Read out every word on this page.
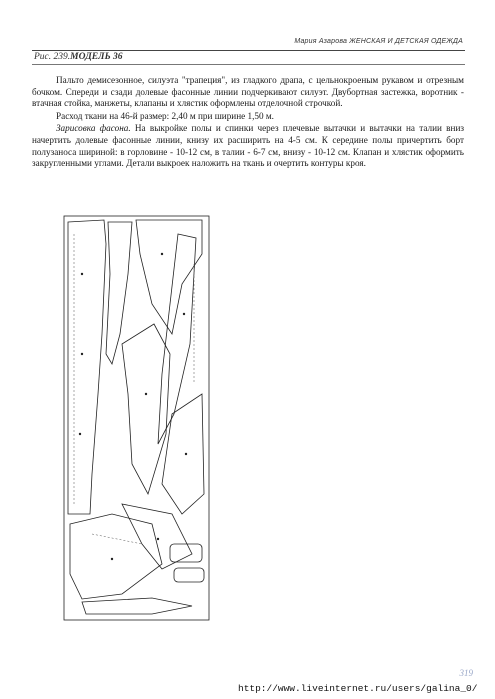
Мария Азарова ЖЕНСКАЯ И ДЕТСКАЯ ОДЕЖДА
Рис. 239.МОДЕЛЬ 36

Пальто демисезонное, силуэта "трапеция", из гладкого драпа, с цельнокроеным рукавом и отрезным бочком. Спереди и сзади долевые фасонные линии подчеркивают силуэт. Двубортная застежка, воротник - втачная стойка, манжеты, клапаны и хлястик оформлены отделочной строчкой.

Расход ткани на 46-й размер: 2,40 м при ширине 1,50 м.

Зарисовка фасона. На выкройке полы и спинки через плечевые вытачки и вытачки на талии вниз начертить долевые фасонные линии, книзу их расширить на 4-5 см. К середине полы причертить борт полузаноса шириной: в горловине - 10-12 см, в талии - 6-7 см, внизу - 10-12 см. Клапан и хлястик оформить закругленными углами. Детали выкроек наложить на ткань и очертить контуры кроя.

319
http://www.liveinternet.ru/users/galina_0/
